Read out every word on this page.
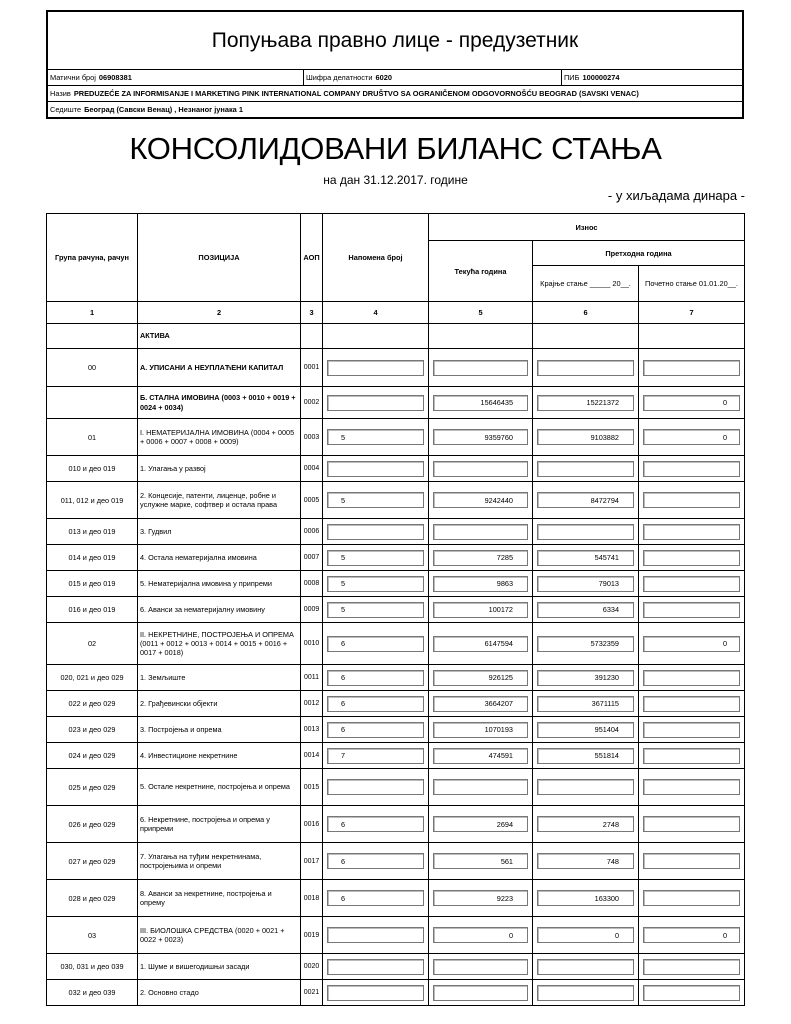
Попуњава правно лице - предузетник
Матични број 06908381	Шифра делатности 6020	ПИБ 100000274
Назив PREDUZEĆE ZA INFORMISANJE I MARKETING PINK INTERNATIONAL COMPANY DRUŠTVO SA OGRANIČENOM ODGOVORNOŠĆU BEOGRAD (SAVSKI VENAC)
Седиште Београд (Савски Венац) , Незнаног јунака 1
КОНСОЛИДОВАНИ БИЛАНС СТАЊА
на дан 31.12.2017. године
- у хиљадама динара -
Група рачуна, рачун	ПОЗИЦИЈА	АОП	Напомена број	Износ		
				Текућа година	Претходна година	
					Крајње стање _____ 20__.	Почетно стање 01.01.20__.
1	2	3	4	5	6	7
	АКТИВА					
00	А. УПИСАНИ А НЕУПЛАЋЕНИ КАПИТАЛ	0001	

	Б. СТАЛНА ИМОВИНА (0003 + 0010 + 0019 + 0024 + 0034)	0002		15646435	15221372	0

01	I. НЕМАТЕРИЈАЛНА ИМОВИНА (0004 + 0005 + 0006 + 0007 + 0008 + 0009)	0003	5	9359760	9103882	0

010 и део 019	1. Улагања у развој	0004	

011, 012 и део 019	2. Концесије, патенти, лиценце, робне и услужне марке, софтвер и остала права	0005	5	9242440	8472794	

013 и део 019	3. Гудвил	0006	

014 и део 019	4. Остала нематеријална имовина	0007	5	7285	545741	

015 и део 019	5. Нематеријална имовина у припреми	0008	5	9863	79013	

016 и део 019	6. Аванси за нематеријалну имовину	0009	5	100172	6334	

02	II. НЕКРЕТНИНЕ, ПОСТРОЈЕЊА И ОПРЕМА (0011 + 0012 + 0013 + 0014 + 0015 + 0016 + 0017 + 0018)	0010	6	6147594	5732359	0

020, 021 и део 029	1. Земљиште	0011	6	926125	391230	

022 и део 029	2. Грађевински објекти	0012	6	3664207	3671115	

023 и део 029	3. Постројења и опрема	0013	6	1070193	951404	

024 и део 029	4. Инвестиционе некретнине	0014	7	474591	551814	

025 и део 029	5. Остале некретнине, постројења и опрема	0015	

026 и део 029	6. Некретнине, постројења и опрема у припреми	0016	6	2694	2748	

027 и део 029	7. Улагања на туђим некретнинама, постројењима и опреми	0017	6	561	748	

028 и део 029	8. Аванси за некретнине, постројења и опрему	0018	6	9223	163300	

03	III. БИОЛОШКА СРЕДСТВА (0020 + 0021 + 0022 + 0023)	0019		0	0	0

030, 031 и део 039	1. Шуме и вишегодишњи засади	0020	

032 и део 039	2. Основно стадо	0021	
